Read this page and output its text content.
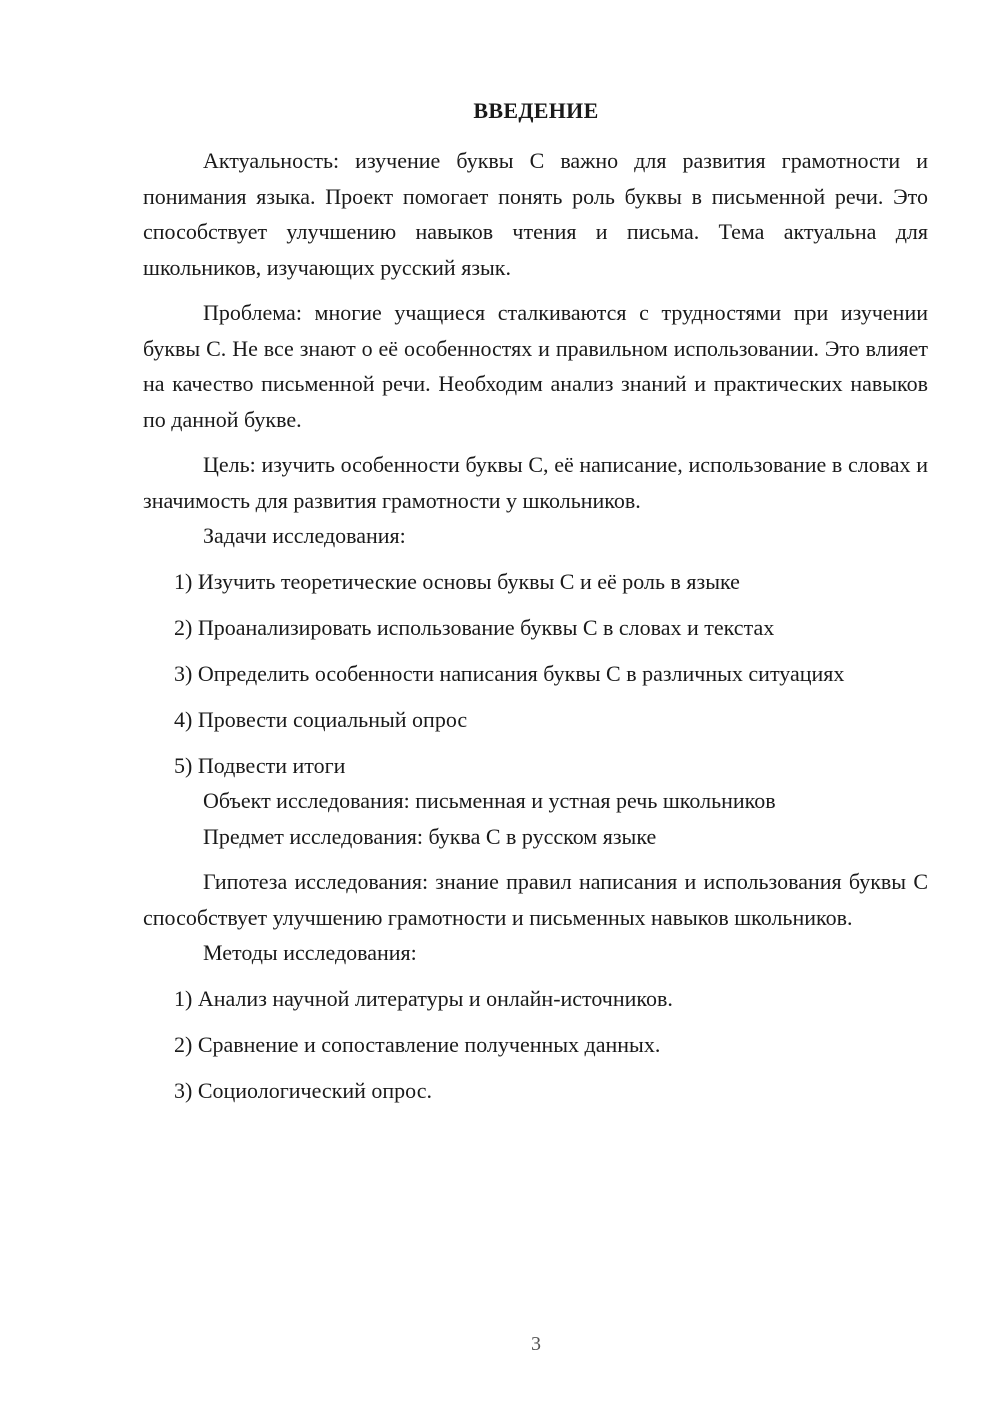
ВВЕДЕНИЕ

Актуальность: изучение буквы С важно для развития грамотности и понимания языка. Проект помогает понять роль буквы в письменной речи. Это способствует улучшению навыков чтения и письма. Тема актуальна для школьников, изучающих русский язык.

Проблема: многие учащиеся сталкиваются с трудностями при изучении буквы С. Не все знают о её особенностях и правильном использовании. Это влияет на качество письменной речи. Необходим анализ знаний и практических навыков по данной букве.

Цель: изучить особенности буквы С, её написание, использование в словах и значимость для развития грамотности у школьников.

Задачи исследования:

1) Изучить теоретические основы буквы С и её роль в языке

2) Проанализировать использование буквы С в словах и текстах

3) Определить особенности написания буквы С в различных ситуациях

4) Провести социальный опрос

5) Подвести итоги

Объект исследования: письменная и устная речь школьников

Предмет исследования: буква С в русском языке

Гипотеза исследования: знание правил написания и использования буквы С способствует улучшению грамотности и письменных навыков школьников.

Методы исследования:

1) Анализ научной литературы и онлайн-источников.

2) Сравнение и сопоставление полученных данных.

3) Социологический опрос.

3
